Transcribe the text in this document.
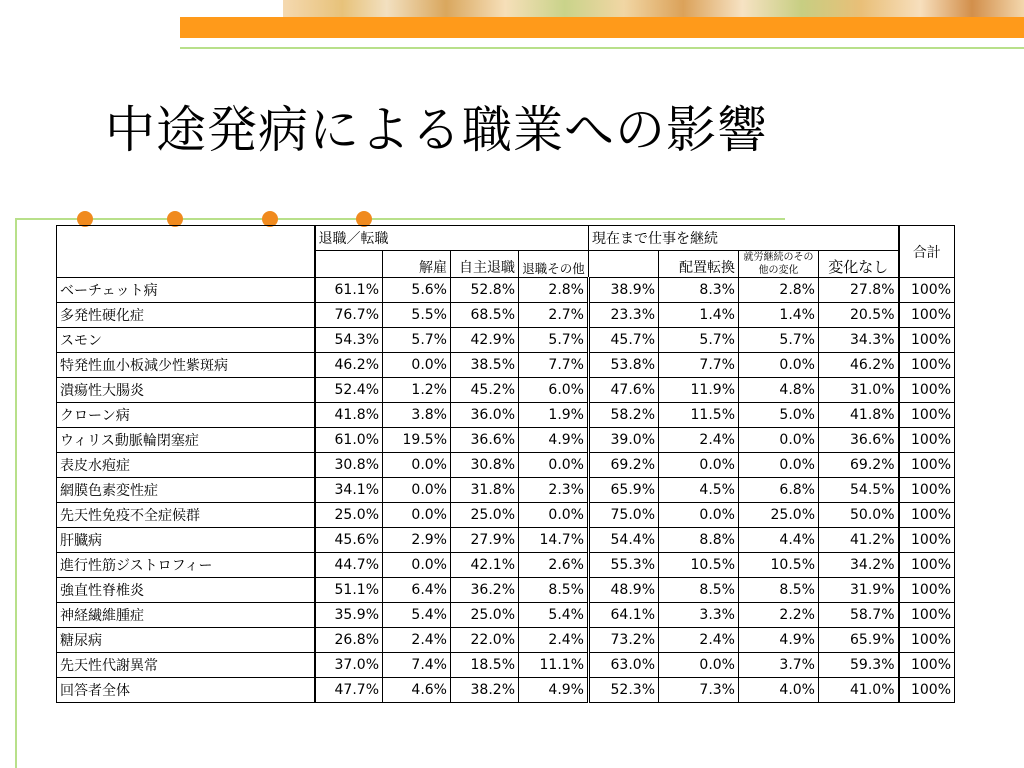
中途発病による職業への影響
	退職／転職				現在まで仕事を継続				合計
		解雇	自主退職	退職その他		配置転換	就労継続のその他の変化	変化なし	
ベーチェット病	61.1%	5.6%	52.8%	2.8%	38.9%	8.3%	2.8%	27.8%	100%
多発性硬化症	76.7%	5.5%	68.5%	2.7%	23.3%	1.4%	1.4%	20.5%	100%
スモン	54.3%	5.7%	42.9%	5.7%	45.7%	5.7%	5.7%	34.3%	100%
特発性血小板減少性紫斑病	46.2%	0.0%	38.5%	7.7%	53.8%	7.7%	0.0%	46.2%	100%
潰瘍性大腸炎	52.4%	1.2%	45.2%	6.0%	47.6%	11.9%	4.8%	31.0%	100%
クローン病	41.8%	3.8%	36.0%	1.9%	58.2%	11.5%	5.0%	41.8%	100%
ウィリス動脈輪閉塞症	61.0%	19.5%	36.6%	4.9%	39.0%	2.4%	0.0%	36.6%	100%
表皮水疱症	30.8%	0.0%	30.8%	0.0%	69.2%	0.0%	0.0%	69.2%	100%
網膜色素変性症	34.1%	0.0%	31.8%	2.3%	65.9%	4.5%	6.8%	54.5%	100%
先天性免疫不全症候群	25.0%	0.0%	25.0%	0.0%	75.0%	0.0%	25.0%	50.0%	100%
肝臓病	45.6%	2.9%	27.9%	14.7%	54.4%	8.8%	4.4%	41.2%	100%
進行性筋ジストロフィー	44.7%	0.0%	42.1%	2.6%	55.3%	10.5%	10.5%	34.2%	100%
強直性脊椎炎	51.1%	6.4%	36.2%	8.5%	48.9%	8.5%	8.5%	31.9%	100%
神経繊維腫症	35.9%	5.4%	25.0%	5.4%	64.1%	3.3%	2.2%	58.7%	100%
糖尿病	26.8%	2.4%	22.0%	2.4%	73.2%	2.4%	4.9%	65.9%	100%
先天性代謝異常	37.0%	7.4%	18.5%	11.1%	63.0%	0.0%	3.7%	59.3%	100%
回答者全体	47.7%	4.6%	38.2%	4.9%	52.3%	7.3%	4.0%	41.0%	100%
